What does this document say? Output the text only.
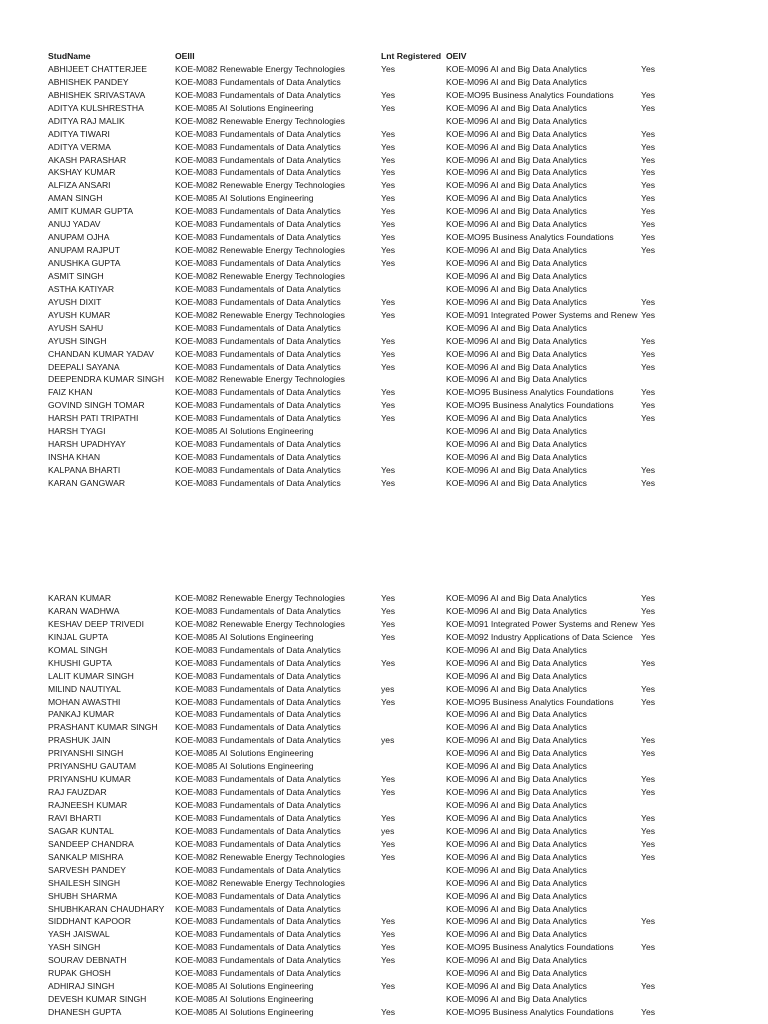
StudName	OEIII	Lnt Registered OEIV
ABHIJEET CHATTERJEE	KOE-M082 Renewable Energy Technologies	Yes	KOE-M096 AI and Big Data Analytics	Yes
ABHISHEK PANDEY	KOE-M083 Fundamentals of Data Analytics	KOE-M096 AI and Big Data Analytics
ABHISHEK SRIVASTAVA	KOE-M083 Fundamentals of Data Analytics	Yes	KOE-MO95 Business Analytics Foundations	Yes
ADITYA KULSHRESTHA	KOE-M085 AI Solutions Engineering	Yes	KOE-M096 AI and Big Data Analytics	Yes
ADITYA RAJ MALIK	KOE-M082 Renewable Energy Technologies	KOE-M096 AI and Big Data Analytics
ADITYA TIWARI	KOE-M083 Fundamentals of Data Analytics	Yes	KOE-M096 AI and Big Data Analytics	Yes
ADITYA VERMA	KOE-M083 Fundamentals of Data Analytics	Yes	KOE-M096 AI and Big Data Analytics	Yes
AKASH PARASHAR	KOE-M083 Fundamentals of Data Analytics	Yes	KOE-M096 AI and Big Data Analytics	Yes
AKSHAY KUMAR	KOE-M083 Fundamentals of Data Analytics	Yes	KOE-M096 AI and Big Data Analytics	Yes
ALFIZA ANSARI	KOE-M082 Renewable Energy Technologies	Yes	KOE-M096 AI and Big Data Analytics	Yes
AMAN SINGH	KOE-M085 AI Solutions Engineering	Yes	KOE-M096 AI and Big Data Analytics	Yes
AMIT KUMAR GUPTA	KOE-M083 Fundamentals of Data Analytics	Yes	KOE-M096 AI and Big Data Analytics	Yes
ANUJ YADAV	KOE-M083 Fundamentals of Data Analytics	Yes	KOE-M096 AI and Big Data Analytics	Yes
ANUPAM OJHA	KOE-M083 Fundamentals of Data Analytics	Yes	KOE-MO95 Business Analytics Foundations	Yes
ANUPAM RAJPUT	KOE-M082 Renewable Energy Technologies	Yes	KOE-M096 AI and Big Data Analytics	Yes
ANUSHKA GUPTA	KOE-M083 Fundamentals of Data Analytics	Yes	KOE-M096 AI and Big Data Analytics
ASMIT SINGH	KOE-M082 Renewable Energy Technologies	KOE-M096 AI and Big Data Analytics
ASTHA KATIYAR	KOE-M083 Fundamentals of Data Analytics	KOE-M096 AI and Big Data Analytics
AYUSH DIXIT	KOE-M083 Fundamentals of Data Analytics	Yes	KOE-M096 AI and Big Data Analytics	Yes
AYUSH KUMAR	KOE-M082 Renewable Energy Technologies	Yes	KOE-M091 Integrated Power Systems and Renew Yes
AYUSH SAHU	KOE-M083 Fundamentals of Data Analytics	KOE-M096 AI and Big Data Analytics
AYUSH SINGH	KOE-M083 Fundamentals of Data Analytics	Yes	KOE-M096 AI and Big Data Analytics	Yes
CHANDAN KUMAR YADAV	KOE-M083 Fundamentals of Data Analytics	Yes	KOE-M096 AI and Big Data Analytics	Yes
DEEPALI SAYANA	KOE-M083 Fundamentals of Data Analytics	Yes	KOE-M096 AI and Big Data Analytics	Yes
DEEPENDRA KUMAR SINGH	KOE-M082 Renewable Energy Technologies	KOE-M096 AI and Big Data Analytics
FAIZ KHAN	KOE-M083 Fundamentals of Data Analytics	Yes	KOE-MO95 Business Analytics Foundations	Yes
GOVIND SINGH TOMAR	KOE-M083 Fundamentals of Data Analytics	Yes	KOE-MO95 Business Analytics Foundations	Yes
HARSH PATI TRIPATHI	KOE-M083 Fundamentals of Data Analytics	Yes	KOE-M096 AI and Big Data Analytics	Yes
HARSH TYAGI	KOE-M085 AI Solutions Engineering	KOE-M096 AI and Big Data Analytics
HARSH UPADHYAY	KOE-M083 Fundamentals of Data Analytics	KOE-M096 AI and Big Data Analytics
INSHA KHAN	KOE-M083 Fundamentals of Data Analytics	KOE-M096 AI and Big Data Analytics
KALPANA BHARTI	KOE-M083 Fundamentals of Data Analytics	Yes	KOE-M096 AI and Big Data Analytics	Yes
KARAN GANGWAR	KOE-M083 Fundamentals of Data Analytics	Yes	KOE-M096 AI and Big Data Analytics	Yes
KARAN KUMAR	KOE-M082 Renewable Energy Technologies	Yes	KOE-M096 AI and Big Data Analytics	Yes
KARAN WADHWA	KOE-M083 Fundamentals of Data Analytics	Yes	KOE-M096 AI and Big Data Analytics	Yes
KESHAV DEEP TRIVEDI	KOE-M082 Renewable Energy Technologies	Yes	KOE-M091 Integrated Power Systems and Renew Yes
KINJAL GUPTA	KOE-M085 AI Solutions Engineering	Yes	KOE-M092 Industry Applications of Data Science Yes
KOMAL SINGH	KOE-M083 Fundamentals of Data Analytics	KOE-M096 AI and Big Data Analytics
KHUSHI GUPTA	KOE-M083 Fundamentals of Data Analytics	Yes	KOE-M096 AI and Big Data Analytics	Yes
LALIT KUMAR SINGH	KOE-M083 Fundamentals of Data Analytics	KOE-M096 AI and Big Data Analytics
MILIND NAUTIYAL	KOE-M083 Fundamentals of Data Analytics	yes	KOE-M096 AI and Big Data Analytics	Yes
MOHAN AWASTHI	KOE-M083 Fundamentals of Data Analytics	Yes	KOE-MO95 Business Analytics Foundations	Yes
PANKAJ KUMAR	KOE-M083 Fundamentals of Data Analytics	KOE-M096 AI and Big Data Analytics
PRASHANT KUMAR SINGH	KOE-M083 Fundamentals of Data Analytics	KOE-M096 AI and Big Data Analytics
PRASHUK JAIN	KOE-M083 Fundamentals of Data Analytics	yes	KOE-M096 AI and Big Data Analytics	Yes
PRIYANSHI SINGH	KOE-M085 AI Solutions Engineering	KOE-M096 AI and Big Data Analytics	Yes
PRIYANSHU GAUTAM	KOE-M085 AI Solutions Engineering	KOE-M096 AI and Big Data Analytics
PRIYANSHU KUMAR	KOE-M083 Fundamentals of Data Analytics	Yes	KOE-M096 AI and Big Data Analytics	Yes
RAJ FAUZDAR	KOE-M083 Fundamentals of Data Analytics	Yes	KOE-M096 AI and Big Data Analytics	Yes
RAJNEESH KUMAR	KOE-M083 Fundamentals of Data Analytics	KOE-M096 AI and Big Data Analytics
RAVI BHARTI	KOE-M083 Fundamentals of Data Analytics	Yes	KOE-M096 AI and Big Data Analytics	Yes
SAGAR KUNTAL	KOE-M083 Fundamentals of Data Analytics	yes	KOE-M096 AI and Big Data Analytics	Yes
SANDEEP CHANDRA	KOE-M083 Fundamentals of Data Analytics	Yes	KOE-M096 AI and Big Data Analytics	Yes
SANKALP MISHRA	KOE-M082 Renewable Energy Technologies	Yes	KOE-M096 AI and Big Data Analytics	Yes
SARVESH PANDEY	KOE-M083 Fundamentals of Data Analytics	KOE-M096 AI and Big Data Analytics
SHAILESH SINGH	KOE-M082 Renewable Energy Technologies	KOE-M096 AI and Big Data Analytics
SHUBH SHARMA	KOE-M083 Fundamentals of Data Analytics	KOE-M096 AI and Big Data Analytics
SHUBHKARAN CHAUDHARY	KOE-M083 Fundamentals of Data Analytics	KOE-M096 AI and Big Data Analytics
SIDDHANT KAPOOR	KOE-M083 Fundamentals of Data Analytics	Yes	KOE-M096 AI and Big Data Analytics	Yes
YASH JAISWAL	KOE-M083 Fundamentals of Data Analytics	Yes	KOE-M096 AI and Big Data Analytics
YASH SINGH	KOE-M083 Fundamentals of Data Analytics	Yes	KOE-MO95 Business Analytics Foundations	Yes
SOURAV DEBNATH	KOE-M083 Fundamentals of Data Analytics	Yes	KOE-M096 AI and Big Data Analytics
RUPAK GHOSH	KOE-M083 Fundamentals of Data Analytics	KOE-M096 AI and Big Data Analytics
ADHIRAJ SINGH	KOE-M085 AI Solutions Engineering	Yes	KOE-M096 AI and Big Data Analytics	Yes
DEVESH KUMAR SINGH	KOE-M085 AI Solutions Engineering	KOE-M096 AI and Big Data Analytics
DHANESH GUPTA	KOE-M085 AI Solutions Engineering	Yes	KOE-MO95 Business Analytics Foundations	Yes
